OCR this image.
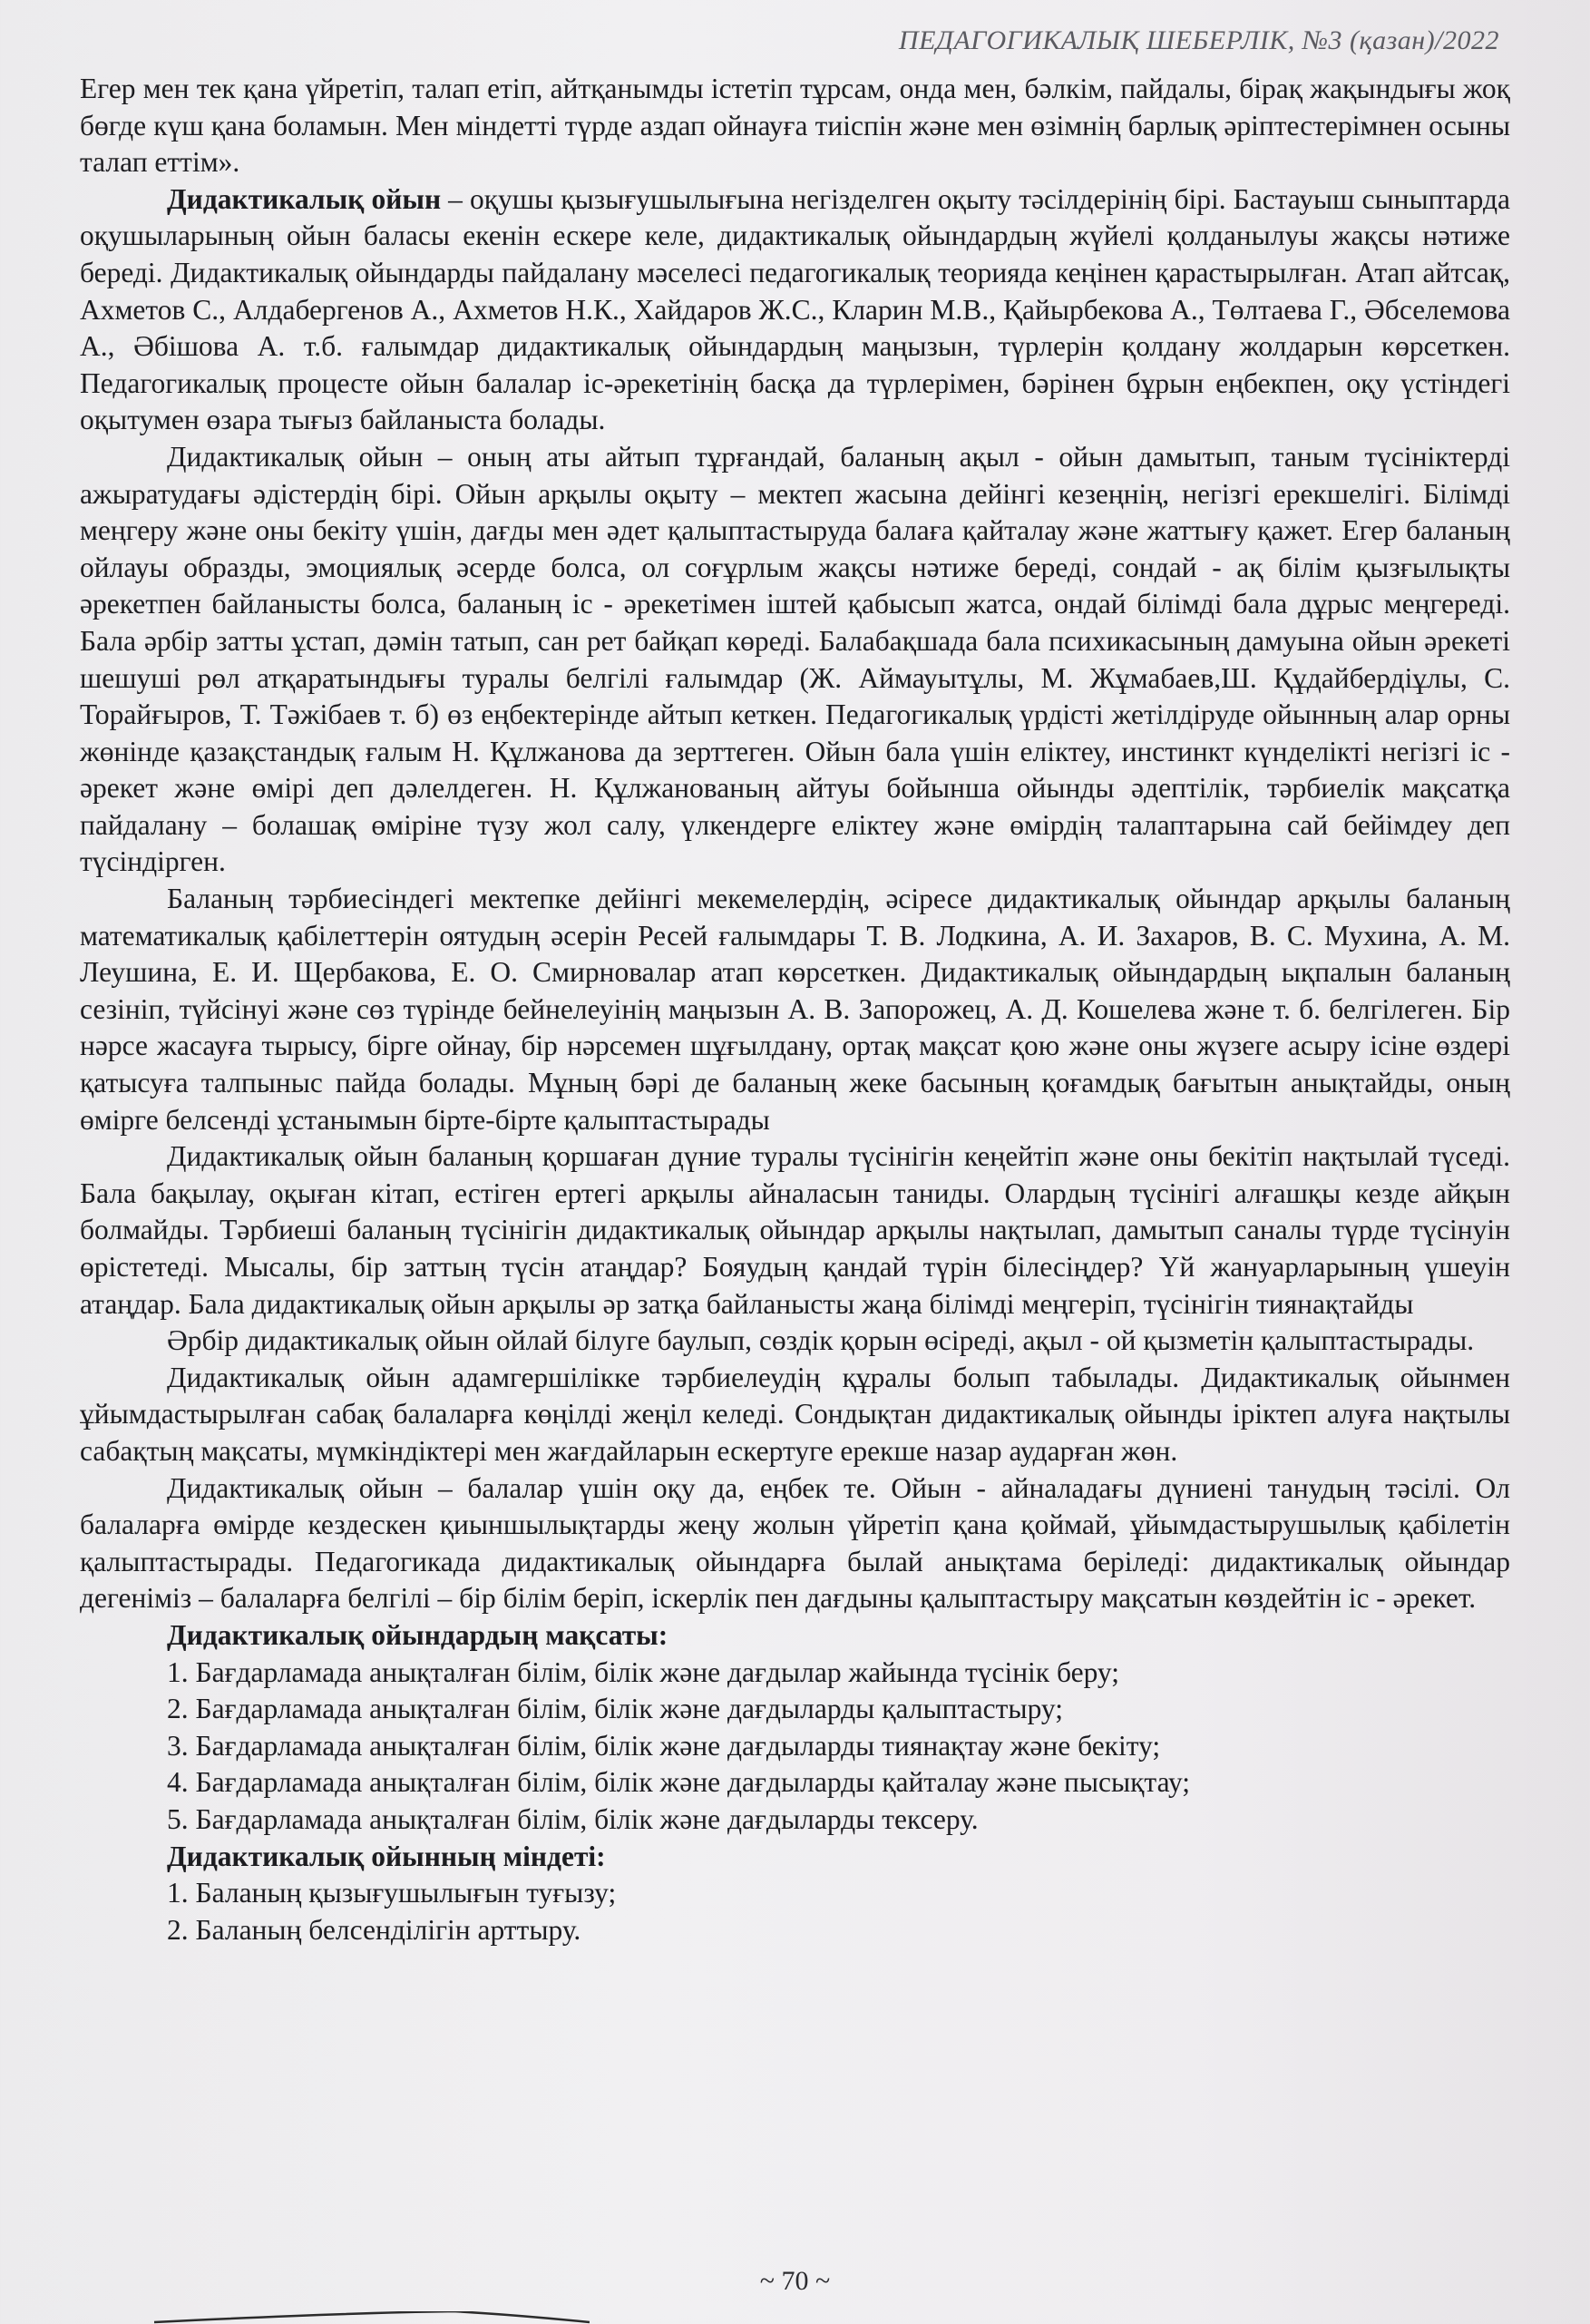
ПЕДАГОГИКАЛЫҚ ШЕБЕРЛІК, №3 (қазан)/2022

Егер мен тек қана үйретіп, талап етіп, айтқанымды істетіп тұрсам, онда мен, бәлкім, пайдалы, бірақ жақындығы жоқ бөгде күш қана боламын. Мен міндетті түрде аздап ойнауға тиіспін және мен өзімнің барлық әріптестерімнен осыны талап еттім».

Дидактикалық ойын – оқушы қызығушылығына негізделген оқыту тәсілдерінің бірі. Бастауыш сыныптарда оқушыларының ойын баласы екенін ескере келе, дидактикалық ойындардың жүйелі қолданылуы жақсы нәтиже береді. Дидактикалық ойындарды пайдалану мәселесі педагогикалық теорияда кеңінен қарастырылған. Атап айтсақ, Ахметов С., Алдабергенов А., Ахметов Н.К., Хайдаров Ж.С., Кларин М.В., Қайырбекова А., Төлтаева Г., Әбселемова А., Әбішова А. т.б. ғалымдар дидактикалық ойындардың маңызын, түрлерін қолдану жолдарын көрсеткен. Педагогикалық процесте ойын балалар іс-әрекетінің басқа да түрлерімен, бәрінен бұрын еңбекпен, оқу үстіндегі оқытумен өзара тығыз байланыста болады.

Дидактикалық ойын – оның аты айтып тұрғандай, баланың ақыл - ойын дамытып, таным түсініктерді ажыратудағы әдістердің бірі. Ойын арқылы оқыту – мектеп жасына дейінгі кезеңнің, негізгі ерекшелігі. Білімді меңгеру және оны бекіту үшін, дағды мен әдет қалыптастыруда балаға қайталау және жаттығу қажет. Егер баланың ойлауы образды, эмоциялық әсерде болса, ол соғұрлым жақсы нәтиже береді, сондай - ақ білім қызғылықты әрекетпен байланысты болса, баланың іс - әрекетімен іштей қабысып жатса, ондай білімді бала дұрыс меңгереді. Бала әрбір затты ұстап, дәмін татып, сан рет байқап көреді. Балабақшада бала психикасының дамуына ойын әрекеті шешуші рөл атқаратындығы туралы белгілі ғалымдар (Ж. Аймауытұлы, М. Жұмабаев,Ш. Құдайбердіұлы, С. Торайғыров, Т. Тәжібаев т. б) өз еңбектерінде айтып кеткен. Педагогикалық үрдісті жетілдіруде ойынның алар орны жөнінде қазақстандық ғалым Н. Құлжанова да зерттеген. Ойын бала үшін еліктеу, инстинкт күнделікті негізгі іс - әрекет және өмірі деп дәлелдеген. Н. Құлжанованың айтуы бойынша ойынды әдептілік, тәрбиелік мақсатқа пайдалану – болашақ өміріне түзу жол салу, үлкендерге еліктеу және өмірдің талаптарына сай бейімдеу деп түсіндірген.

Баланың тәрбиесіндегі мектепке дейінгі мекемелердің, әсіресе дидактикалық ойындар арқылы баланың математикалық қабілеттерін оятудың әсерін Ресей ғалымдары Т. В. Лодкина, А. И. Захаров, В. С. Мухина, А. М. Леушина, Е. И. Щербакова, Е. О. Смирновалар атап көрсеткен. Дидактикалық ойындардың ықпалын баланың сезініп, түйсінуі және сөз түрінде бейнелеуінің маңызын А. В. Запорожец, А. Д. Кошелева және т. б. белгілеген. Бір нәрсе жасауға тырысу, бірге ойнау, бір нәрсемен шұғылдану, ортақ мақсат қою және оны жүзеге асыру ісіне өздері қатысуға талпыныс пайда болады. Мұның бәрі де баланың жеке басының қоғамдық бағытын анықтайды, оның өмірге белсенді ұстанымын бірте-бірте қалыптастырады

Дидактикалық ойын баланың қоршаған дүние туралы түсінігін кеңейтіп және оны бекітіп нақтылай түседі. Бала бақылау, оқыған кітап, естіген ертегі арқылы айналасын таниды. Олардың түсінігі алғашқы кезде айқын болмайды. Тәрбиеші баланың түсінігін дидактикалық ойындар арқылы нақтылап, дамытып саналы түрде түсінуін өрістетеді. Мысалы, бір заттың түсін атаңдар? Бояудың қандай түрін білесіңдер? Үй жануарларының үшеуін атаңдар. Бала дидактикалық ойын арқылы әр затқа байланысты жаңа білімді меңгеріп, түсінігін тиянақтайды

Әрбір дидактикалық ойын ойлай білуге баулып, сөздік қорын өсіреді, ақыл - ой қызметін қалыптастырады.

Дидактикалық ойын адамгершілікке тәрбиелеудің құралы болып табылады. Дидактикалық ойынмен ұйымдастырылған сабақ балаларға көңілді жеңіл келеді. Сондықтан дидактикалық ойынды іріктеп алуға нақтылы сабақтың мақсаты, мүмкіндіктері мен жағдайларын ескертуге ерекше назар аударған жөн.

Дидактикалық ойын – балалар үшін оқу да, еңбек те. Ойын - айналадағы дүниені танудың тәсілі. Ол балаларға өмірде кездескен қиыншылықтарды жеңу жолын үйретіп қана қоймай, ұйымдастырушылық қабілетін қалыптастырады. Педагогикада дидактикалық ойындарға былай анықтама беріледі: дидактикалық ойындар дегеніміз – балаларға белгілі – бір білім беріп, іскерлік пен дағдыны қалыптастыру мақсатын көздейтін іс - әрекет.

Дидактикалық ойындардың мақсаты:

1. Бағдарламада анықталған білім, білік және дағдылар жайында түсінік беру;
2. Бағдарламада анықталған білім, білік және дағдыларды қалыптастыру;
3. Бағдарламада анықталған білім, білік және дағдыларды тиянақтау және бекіту;
4. Бағдарламада анықталған білім, білік және дағдыларды қайталау және пысықтау;
5. Бағдарламада анықталған білім, білік және дағдыларды тексеру.

Дидактикалық ойынның міндеті:

1. Баланың қызығушылығын туғызу;
2. Баланың белсенділігін арттыру.
~ 70 ~
